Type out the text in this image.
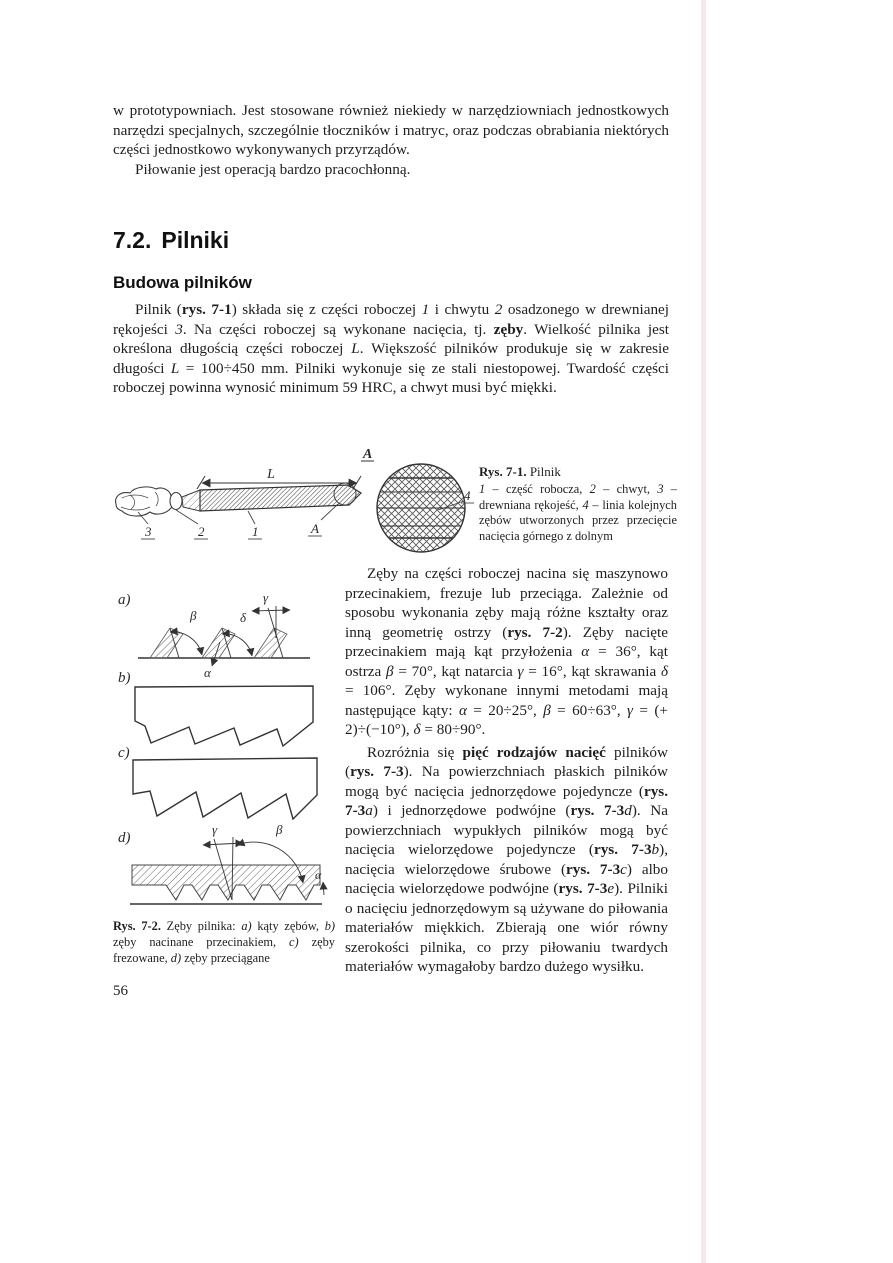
w prototypowniach. Jest stosowane również niekiedy w narzędziowniach jednostkowych narzędzi specjalnych, szczególnie tłoczników i matryc, oraz podczas obrabiania niektórych części jednostkowo wykonywanych przyrządów.

Piłowanie jest operacją bardzo pracochłonną.

7.2. Pilniki
Budowa pilników

Pilnik (rys. 7-1) składa się z części roboczej 1 i chwytu 2 osadzonego w drewnianej rękojeści 3. Na części roboczej są wykonane nacięcia, tj. zęby. Wielkość pilnika jest określona długością części roboczej L. Większość pilników produkuje się w zakresie długości L = 100÷450 mm. Pilniki wykonuje się ze stali niestopowej. Twardość części roboczej powinna wynosić minimum 59 HRC, a chwyt musi być miękki.

L
3	2	1	A
A
4
Rys. 7-1. Pilnik
1 – część robocza, 2 – chwyt, 3 – drewniana rękojeść, 4 – linia kolejnych zębów utworzonych przez przecięcie nacięcia górnego z dolnym
a)
β	δ
γ
α
b)
c)
d)
γ	β
α

Zęby na części roboczej nacina się maszynowo przecinakiem, frezuje lub przeciąga. Zależnie od sposobu wykonania zęby mają różne kształty oraz inną geometrię ostrzy (rys. 7-2). Zęby nacięte przecinakiem mają kąt przyłożenia α = 36°, kąt ostrza β = 70°, kąt natarcia γ = 16°, kąt skrawania δ = 106°. Zęby wykonane innymi metodami mają następujące kąty: α = 20÷25°, β = 60÷63°, γ = (+ 2)÷(−10°), δ = 80÷90°.

Rozróżnia się pięć rodzajów nacięć pilników (rys. 7-3). Na powierzchniach płaskich pilników mogą być nacięcia jednorzędowe pojedyncze (rys. 7-3a) i jednorzędowe podwójne (rys. 7-3d). Na powierzchniach wypukłych pilników mogą być nacięcia wielorzędowe pojedyncze (rys. 7-3b), nacięcia wielorzędowe śrubowe (rys. 7-3c) albo nacięcia wielorzędowe podwójne (rys. 7-3e). Pilniki o nacięciu jednorzędowym są używane do piłowania materiałów miękkich. Zbierają one wiór równy szerokości pilnika, co przy piłowaniu twardych materiałów wymagałoby bardzo dużego wysiłku.

Rys. 7-2. Zęby pilnika: a) kąty zębów, b) zęby nacinane przecinakiem, c) zęby frezowane, d) zęby przeciągane
56
